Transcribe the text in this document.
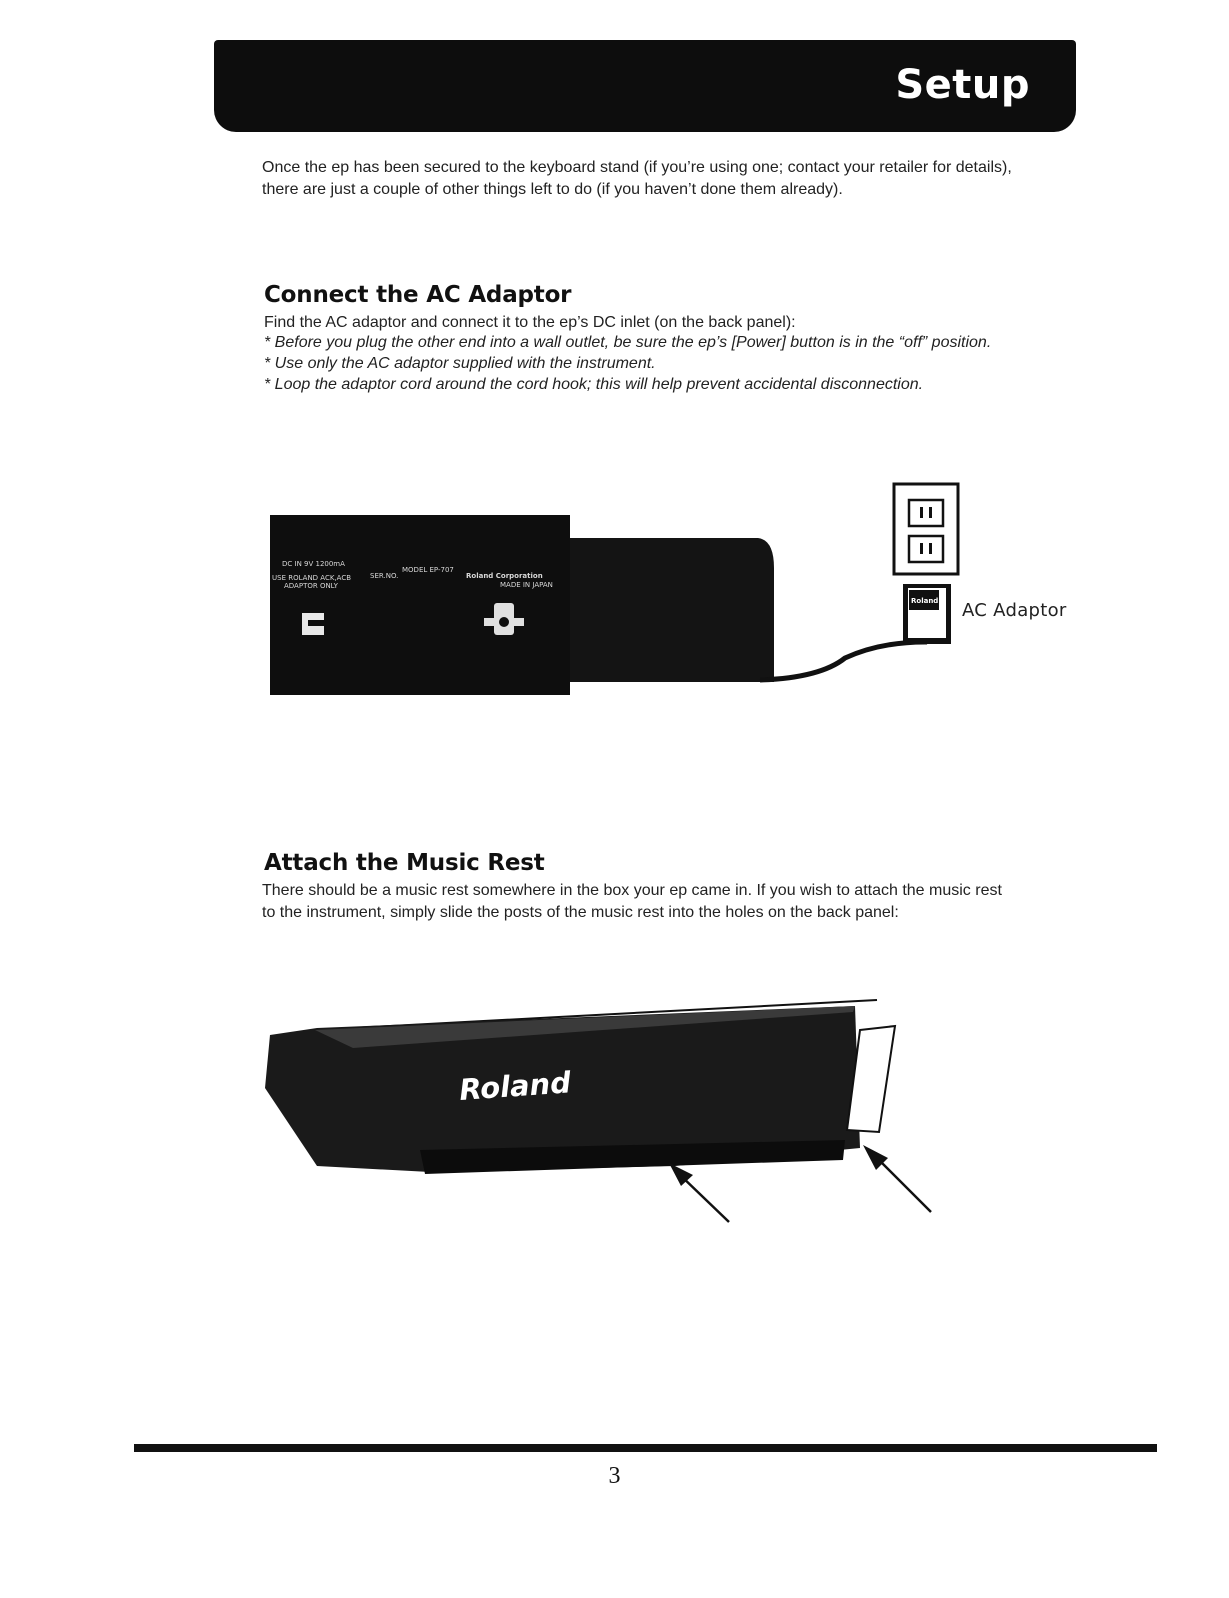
Setup
Once the ep has been secured to the keyboard stand (if you’re using one; contact your retailer for details),
there are just a couple of other things left to do (if you haven’t done them already).
Connect the AC Adaptor
Find the AC adaptor and connect it to the ep’s DC inlet (on the back panel):
* Before you plug the other end into a wall outlet, be sure the ep’s [Power] button is in the “off” position.
* Use only the AC adaptor supplied with the instrument.
* Loop the adaptor cord around the cord hook; this will help prevent accidental disconnection.
DC IN 9V 1200mA
USE ROLAND ACK,ACB
ADAPTOR ONLY
MODEL EP-707
SER.NO.	Roland Corporation
MADE IN JAPAN
Roland AC Adaptor
Attach the Music Rest
There should be a music rest somewhere in the box your ep came in. If you wish to attach the music rest
to the instrument, simply slide the posts of the music rest into the holes on the back panel:
Roland
3
